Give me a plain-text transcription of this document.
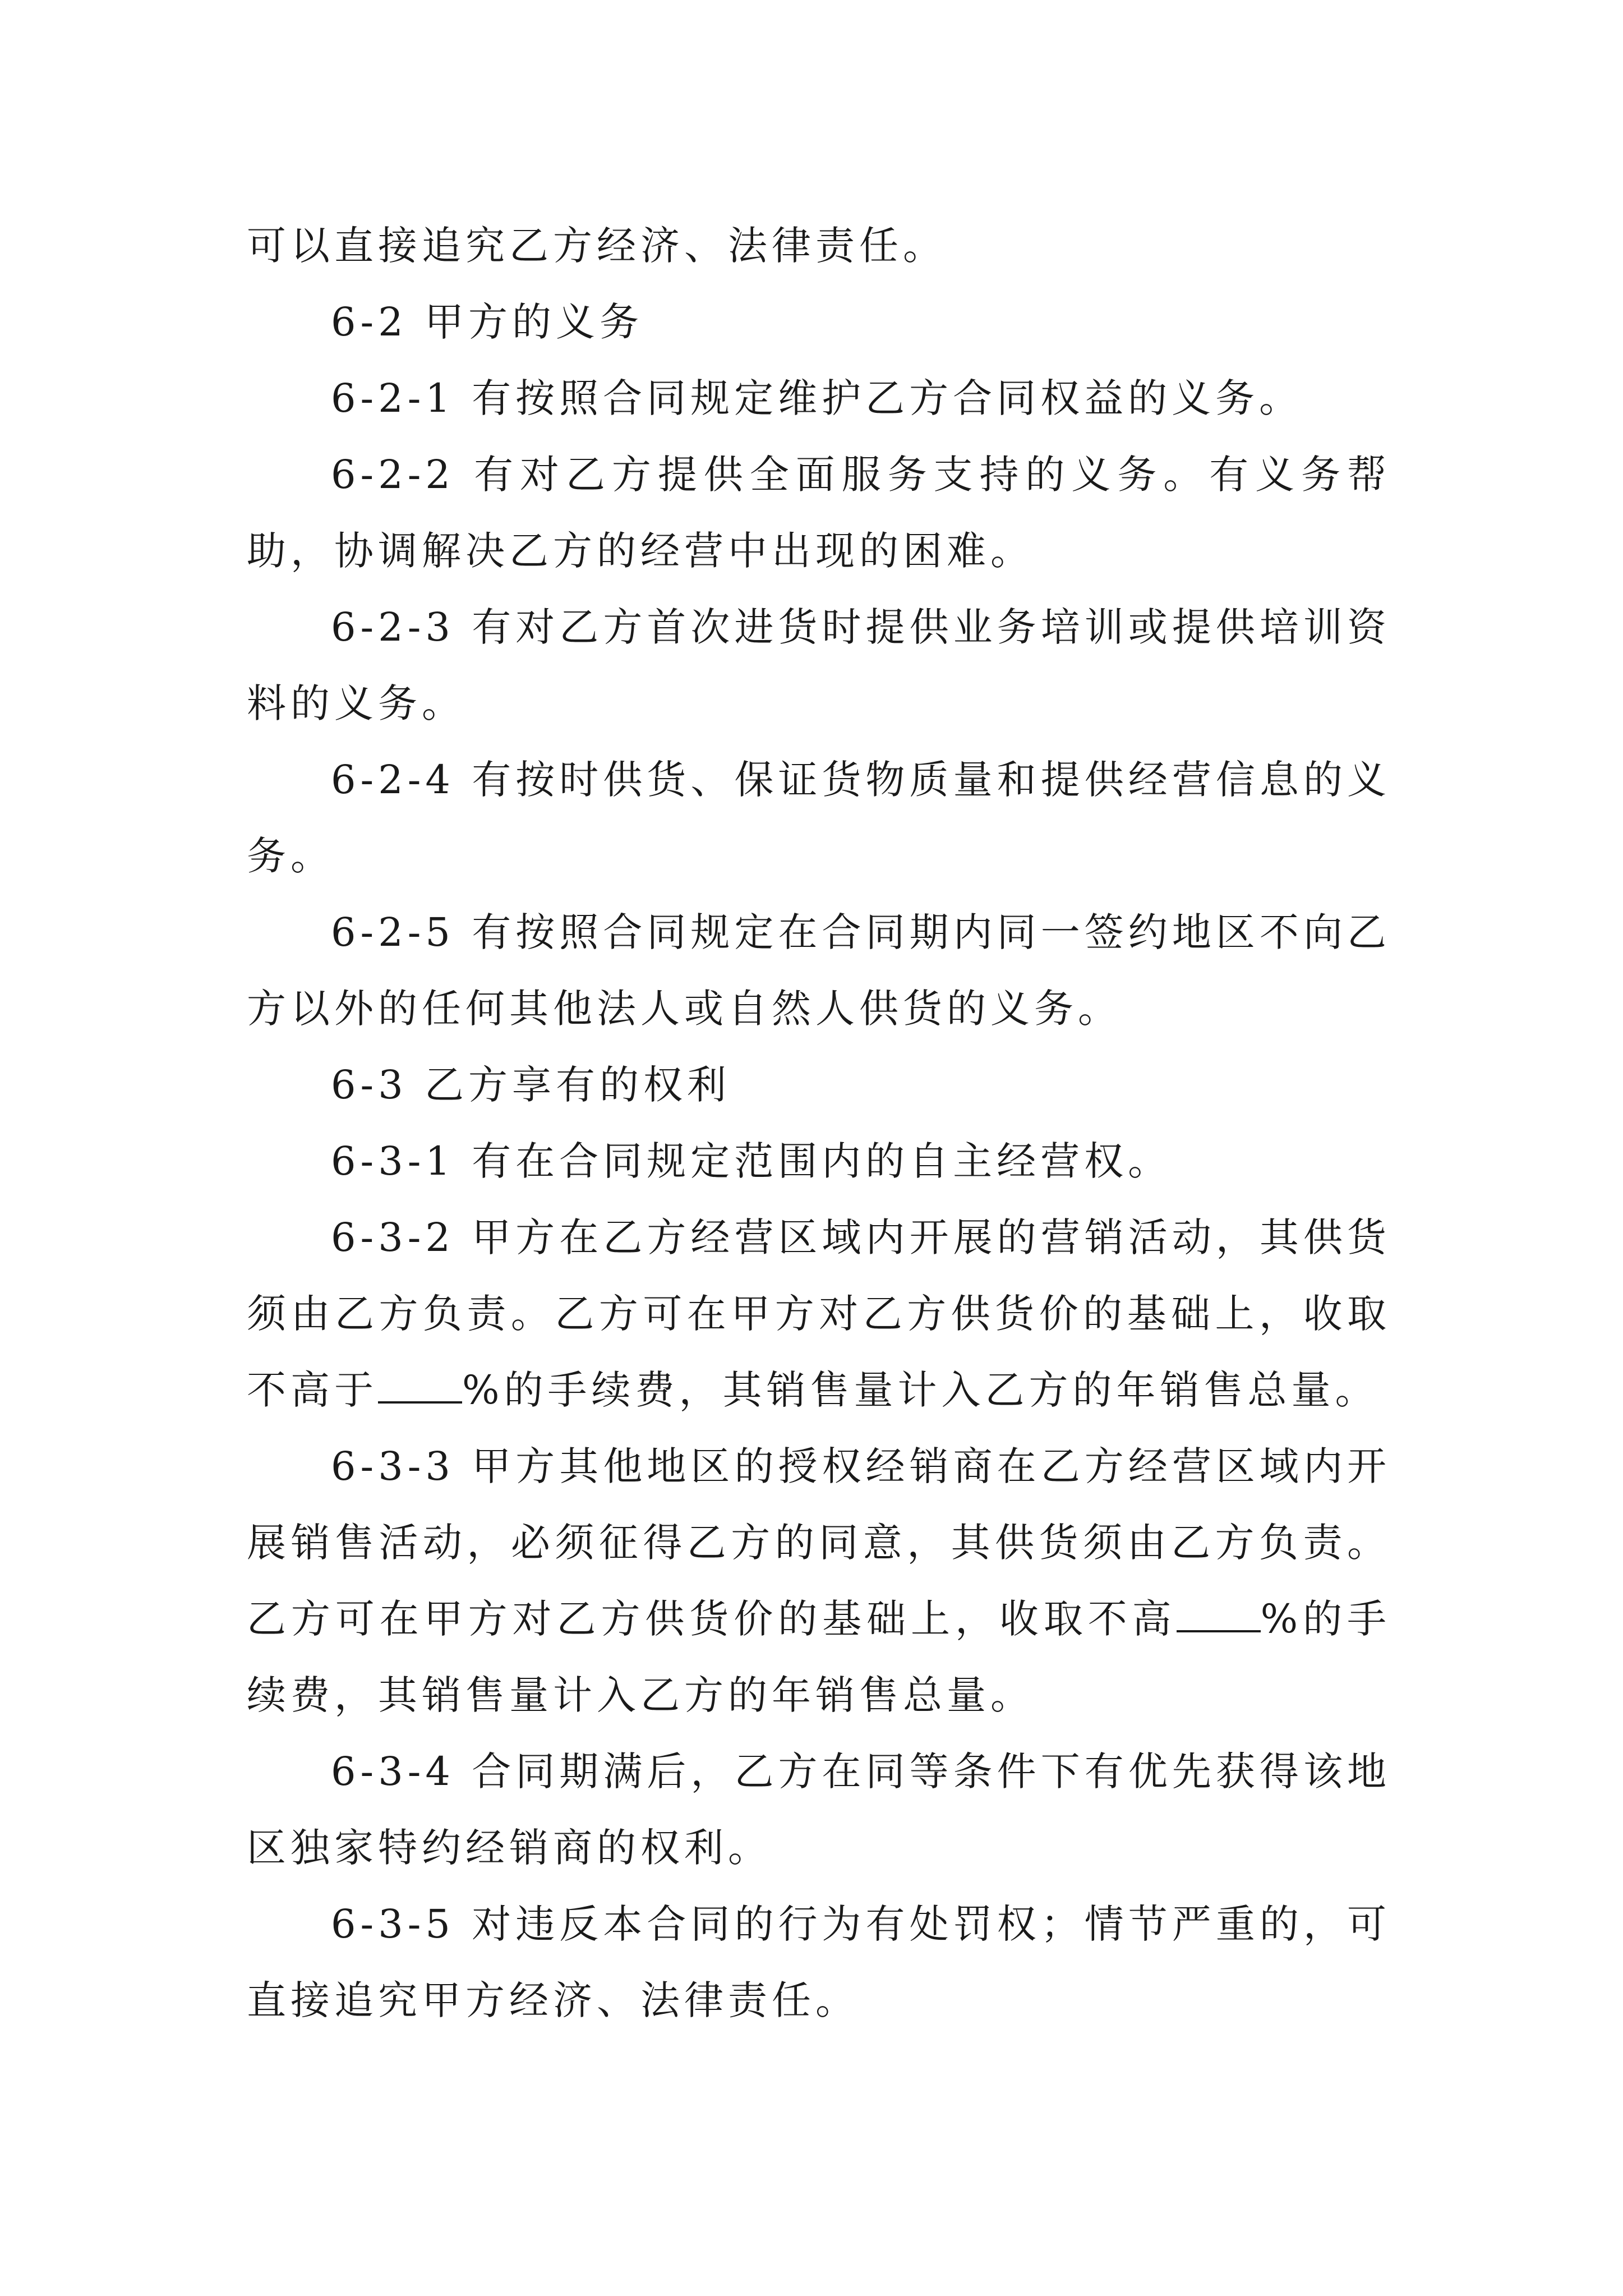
可以直接追究乙方经济、法律责任。

6-2 甲方的义务

6-2-1 有按照合同规定维护乙方合同权益的义务。

6-2-2 有对乙方提供全面服务支持的义务。有义务帮助，协调解决乙方的经营中出现的困难。

6-2-3 有对乙方首次进货时提供业务培训或提供培训资料的义务。

6-2-4 有按时供货、保证货物质量和提供经营信息的义务。

6-2-5 有按照合同规定在合同期内同一签约地区不向乙方以外的任何其他法人或自然人供货的义务。

6-3 乙方享有的权利

6-3-1 有在合同规定范围内的自主经营权。

6-3-2 甲方在乙方经营区域内开展的营销活动，其供货须由乙方负责。乙方可在甲方对乙方供货价的基础上，收取不高于 %的手续费，其销售量计入乙方的年销售总量。

6-3-3 甲方其他地区的授权经销商在乙方经营区域内开展销售活动，必须征得乙方的同意，其供货须由乙方负责。乙方可在甲方对乙方供货价的基础上，收取不高 %的手续费，其销售量计入乙方的年销售总量。

6-3-4 合同期满后，乙方在同等条件下有优先获得该地区独家特约经销商的权利。

6-3-5 对违反本合同的行为有处罚权；情节严重的，可直接追究甲方经济、法律责任。
